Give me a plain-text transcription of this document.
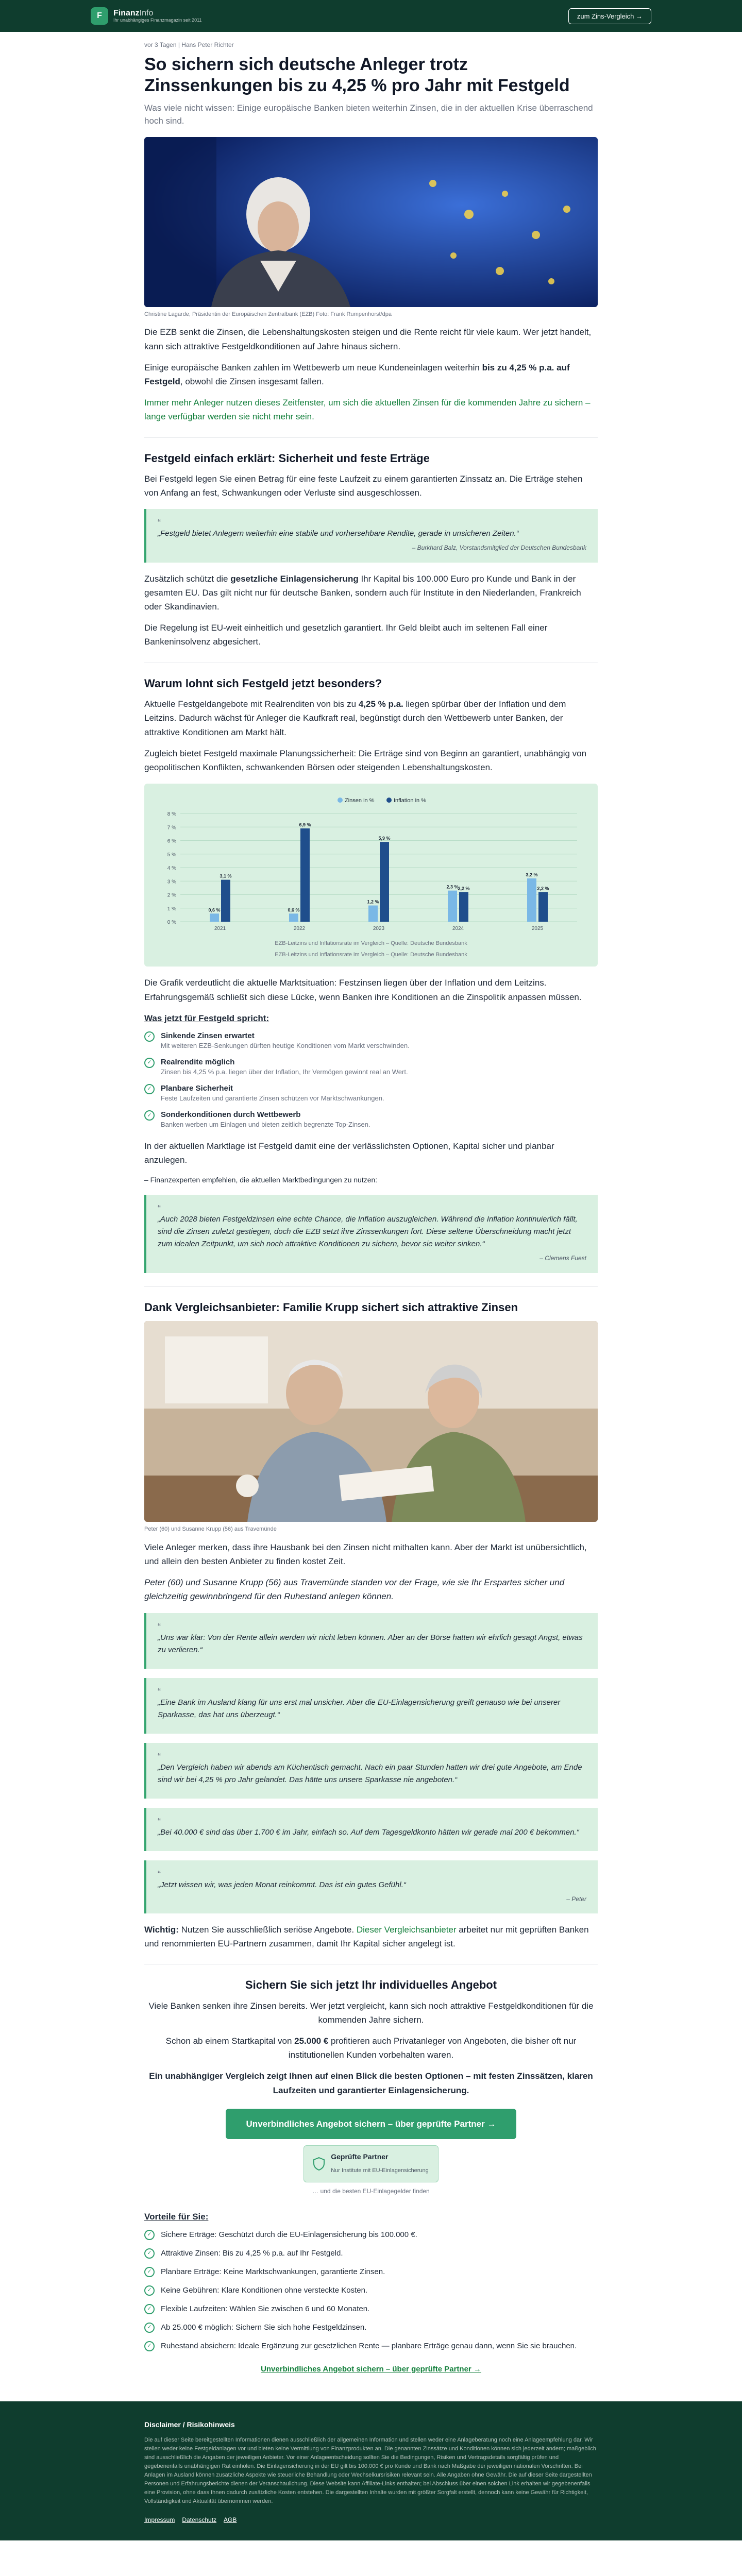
F	FinanzInfo
Ihr unabhängiges Finanzmagazin seit 2011
zum Zins-Vergleich →
vor 3 Tagen | Hans Peter Richter
So sichern sich deutsche Anleger trotz Zinssenkungen bis zu 4,25 % pro Jahr mit Festgeld
Was viele nicht wissen: Einige europäische Banken bieten weiterhin Zinsen, die in der aktuellen Krise überraschend hoch sind.
Christine Lagarde, Präsidentin der Europäischen Zentralbank (EZB) Foto: Frank Rumpenhorst/dpa

Die EZB senkt die Zinsen, die Lebenshaltungskosten steigen und die Rente reicht für viele kaum. Wer jetzt handelt, kann sich attraktive Festgeldkonditionen auf Jahre hinaus sichern.

Einige europäische Banken zahlen im Wettbewerb um neue Kundeneinlagen weiterhin bis zu 4,25 % p.a. auf Festgeld, obwohl die Zinsen insgesamt fallen.

Immer mehr Anleger nutzen dieses Zeitfenster, um sich die aktuellen Zinsen für die kommenden Jahre zu sichern – lange verfügbar werden sie nicht mehr sein.

Festgeld einfach erklärt: Sicherheit und feste Erträge

Bei Festgeld legen Sie einen Betrag für eine feste Laufzeit zu einem garantierten Zinssatz an. Die Erträge stehen von Anfang an fest, Schwankungen oder Verluste sind ausgeschlossen.

“
„Festgeld bietet Anlegern weiterhin eine stabile und vorhersehbare Rendite, gerade in unsicheren Zeiten.“
– Burkhard Balz, Vorstandsmitglied der Deutschen Bundesbank

Zusätzlich schützt die gesetzliche Einlagensicherung Ihr Kapital bis 100.000 Euro pro Kunde und Bank in der gesamten EU. Das gilt nicht nur für deutsche Banken, sondern auch für Institute in den Niederlanden, Frankreich oder Skandinavien.

Die Regelung ist EU-weit einheitlich und gesetzlich garantiert. Ihr Geld bleibt auch im seltenen Fall einer Bankeninsolvenz abgesichert.

Warum lohnt sich Festgeld jetzt besonders?

Aktuelle Festgeldangebote mit Realrenditen von bis zu 4,25 % p.a. liegen spürbar über der Inflation und dem Leitzins. Dadurch wächst für Anleger die Kaufkraft real, begünstigt durch den Wettbewerb unter Banken, der attraktive Konditionen am Markt hält.

Zugleich bietet Festgeld maximale Planungssicherheit: Die Erträge sind von Beginn an garantiert, unabhängig von geopolitischen Konflikten, schwankenden Börsen oder steigenden Lebenshaltungskosten.

0 %
1 %
2 %
3 %
4 %
5 %
6 %
7 %
8 %
0,6 %
3,1 %
2021
0,6 %
6,9 %
2022
1,2 %
5,9 %
2023
2,3 %
2,2 %
2024
3,2 %
2,2 %
2025
Zinsen in %	Inflation in %
EZB-Leitzins und Inflationsrate im Vergleich – Quelle: Deutsche Bundesbank
EZB-Leitzins und Inflationsrate im Vergleich – Quelle: Deutsche Bundesbank

Die Grafik verdeutlicht die aktuelle Marktsituation: Festzinsen liegen über der Inflation und dem Leitzins. Erfahrungsgemäß schließt sich diese Lücke, wenn Banken ihre Konditionen an die Zinspolitik anpassen müssen.

Was jetzt für Festgeld spricht:
✓	Sinkende Zinsen erwartet
Mit weiteren EZB-Senkungen dürften heutige Konditionen vom Markt verschwinden.
✓	Realrendite möglich
Zinsen bis 4,25 % p.a. liegen über der Inflation, Ihr Vermögen gewinnt real an Wert.
✓	Planbare Sicherheit
Feste Laufzeiten und garantierte Zinsen schützen vor Marktschwankungen.
✓	Sonderkonditionen durch Wettbewerb
Banken werben um Einlagen und bieten zeitlich begrenzte Top-Zinsen.

In der aktuellen Marktlage ist Festgeld damit eine der verlässlichsten Optionen, Kapital sicher und planbar anzulegen.

– Finanzexperten empfehlen, die aktuellen Marktbedingungen zu nutzen:

“
„Auch 2028 bieten Festgeldzinsen eine echte Chance, die Inflation auszugleichen. Während die Inflation kontinuierlich fällt, sind die Zinsen zuletzt gestiegen, doch die EZB setzt ihre Zinssenkungen fort. Diese seltene Überschneidung macht jetzt zum idealen Zeitpunkt, um sich noch attraktive Konditionen zu sichern, bevor sie weiter sinken.“
– Clemens Fuest
Dank Vergleichsanbieter: Familie Krupp sichert sich attraktive Zinsen
Peter (60) und Susanne Krupp (56) aus Travemünde

Viele Anleger merken, dass ihre Hausbank bei den Zinsen nicht mithalten kann. Aber der Markt ist unübersichtlich, und allein den besten Anbieter zu finden kostet Zeit.

Peter (60) und Susanne Krupp (56) aus Travemünde standen vor der Frage, wie sie Ihr Erspartes sicher und gleichzeitig gewinnbringend für den Ruhestand anlegen können.

“
„Uns war klar: Von der Rente allein werden wir nicht leben können. Aber an der Börse hatten wir ehrlich gesagt Angst, etwas zu verlieren.“
“
„Eine Bank im Ausland klang für uns erst mal unsicher. Aber die EU-Einlagensicherung greift genauso wie bei unserer Sparkasse, das hat uns überzeugt.“
“
„Den Vergleich haben wir abends am Küchentisch gemacht. Nach ein paar Stunden hatten wir drei gute Angebote, am Ende sind wir bei 4,25 % pro Jahr gelandet. Das hätte uns unsere Sparkasse nie angeboten.“
“
„Bei 40.000 € sind das über 1.700 € im Jahr, einfach so. Auf dem Tagesgeldkonto hätten wir gerade mal 200 € bekommen.“
“
„Jetzt wissen wir, was jeden Monat reinkommt. Das ist ein gutes Gefühl.“
– Peter

Wichtig: Nutzen Sie ausschließlich seriöse Angebote. Dieser Vergleichsanbieter arbeitet nur mit geprüften Banken und renommierten EU-Partnern zusammen, damit Ihr Kapital sicher angelegt ist.

Sichern Sie sich jetzt Ihr individuelles Angebot

Viele Banken senken ihre Zinsen bereits. Wer jetzt vergleicht, kann sich noch attraktive Festgeldkonditionen für die kommenden Jahre sichern.

Schon ab einem Startkapital von 25.000 € profitieren auch Privatanleger von Angeboten, die bisher oft nur institutionellen Kunden vorbehalten waren.

Ein unabhängiger Vergleich zeigt Ihnen auf einen Blick die besten Optionen – mit festen Zinssätzen, klaren Laufzeiten und garantierter Einlagensicherung.

Unverbindliches Angebot sichern – über geprüfte Partner →
Geprüfte Partner
Nur Institute mit EU-Einlagensicherung
… und die besten EU-Einlagegelder finden
Vorteile für Sie:
✓	Sichere Erträge: Geschützt durch die EU-Einlagensicherung bis 100.000 €.
✓	Attraktive Zinsen: Bis zu 4,25 % p.a. auf Ihr Festgeld.
✓	Planbare Erträge: Keine Marktschwankungen, garantierte Zinsen.
✓	Keine Gebühren: Klare Konditionen ohne versteckte Kosten.
✓	Flexible Laufzeiten: Wählen Sie zwischen 6 und 60 Monaten.
✓	Ab 25.000 € möglich: Sichern Sie sich hohe Festgeldzinsen.
✓	Ruhestand absichern: Ideale Ergänzung zur gesetzlichen Rente — planbare Erträge genau dann, wenn Sie sie brauchen.
Unverbindliches Angebot sichern – über geprüfte Partner →
Disclaimer / Risikohinweis

Die auf dieser Seite bereitgestellten Informationen dienen ausschließlich der allgemeinen Information und stellen weder eine Anlageberatung noch eine Anlageempfehlung dar. Wir stellen weder keine Festgeldanlagen vor und bieten keine Vermittlung von Finanzprodukten an. Die genannten Zinssätze und Konditionen können sich jederzeit ändern; maßgeblich sind ausschließlich die Angaben der jeweiligen Anbieter. Vor einer Anlageentscheidung sollten Sie die Bedingungen, Risiken und Vertragsdetails sorgfältig prüfen und gegebenenfalls unabhängigen Rat einholen. Die Einlagensicherung in der EU gilt bis 100.000 € pro Kunde und Bank nach Maßgabe der jeweiligen nationalen Vorschriften. Bei Anlagen im Ausland können zusätzliche Aspekte wie steuerliche Behandlung oder Wechselkursrisiken relevant sein. Alle Angaben ohne Gewähr. Die auf dieser Seite dargestellten Personen und Erfahrungsberichte dienen der Veranschaulichung. Diese Website kann Affiliate-Links enthalten; bei Abschluss über einen solchen Link erhalten wir gegebenenfalls eine Provision, ohne dass Ihnen dadurch zusätzliche Kosten entstehen. Die dargestellten Inhalte wurden mit größter Sorgfalt erstellt, dennoch kann keine Gewähr für Richtigkeit, Vollständigkeit und Aktualität übernommen werden.

Impressum Datenschutz AGB
